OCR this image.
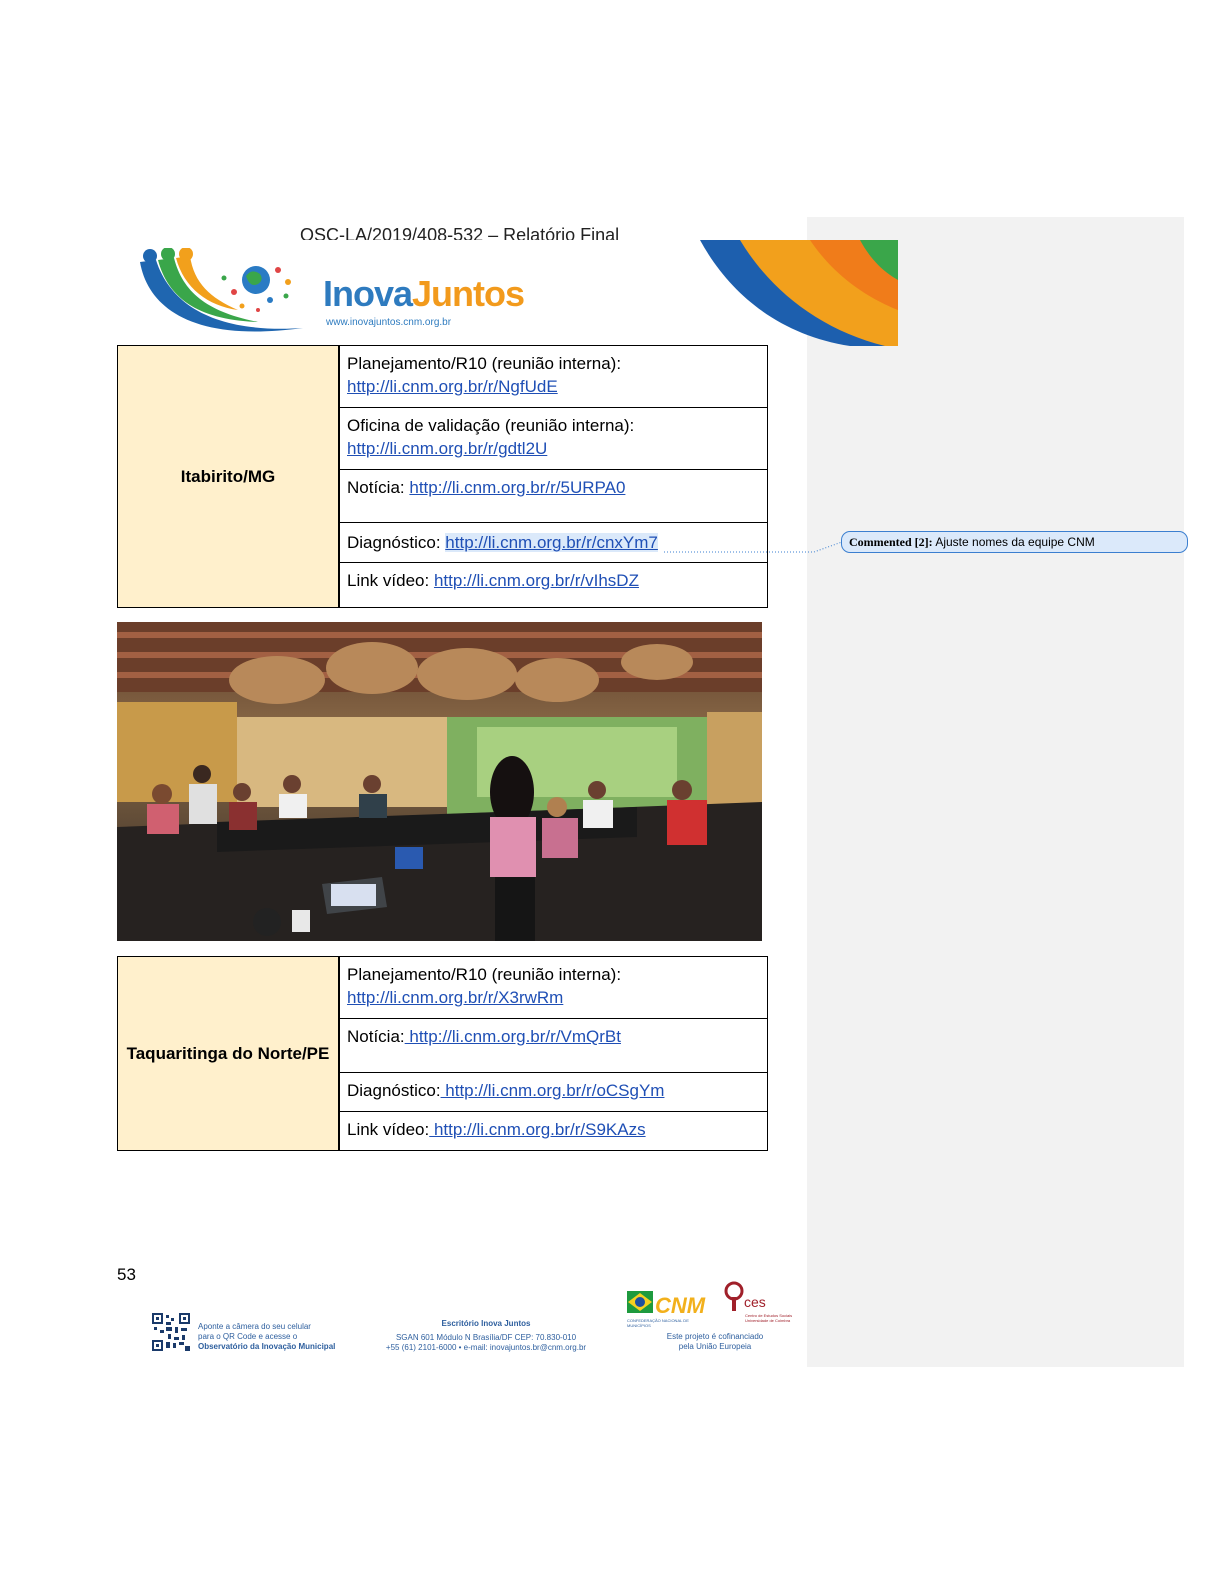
OSC-LA/2019/408-532 – Relatório Final
InovaJuntos
www.inovajuntos.cnm.org.br
Itabirito/MG	Planejamento/R10 (reunião interna):
http://li.cnm.org.br/r/NgfUdE
Oficina de validação (reunião interna):
http://li.cnm.org.br/r/gdtl2U
Notícia: http://li.cnm.org.br/r/5URPA0
Diagnóstico: http://li.cnm.org.br/r/cnxYm7
Link vídeo: http://li.cnm.org.br/r/vIhsDZ
Taquaritinga do Norte/PE	Planejamento/R10 (reunião interna):
http://li.cnm.org.br/r/X3rwRm
Notícia: http://li.cnm.org.br/r/VmQrBt
Diagnóstico: http://li.cnm.org.br/r/oCSgYm
Link vídeo: http://li.cnm.org.br/r/S9KAzs
Commented [2]: Ajuste nomes da equipe CNM
53
Aponte a câmera do seu celular
para o QR Code e acesse o
Observatório da Inovação Municipal
Escritório Inova Juntos
SGAN 601 Módulo N Brasília/DF CEP: 70.830-010
+55 (61) 2101-6000 • e-mail: inovajuntos.br@cnm.org.br
CNM
CONFEDERAÇÃO NACIONAL DE MUNICÍPIOS
ces
Centro de Estudos Sociais Universidade de Coimbra
Este projeto é cofinanciado
pela União Europeia
